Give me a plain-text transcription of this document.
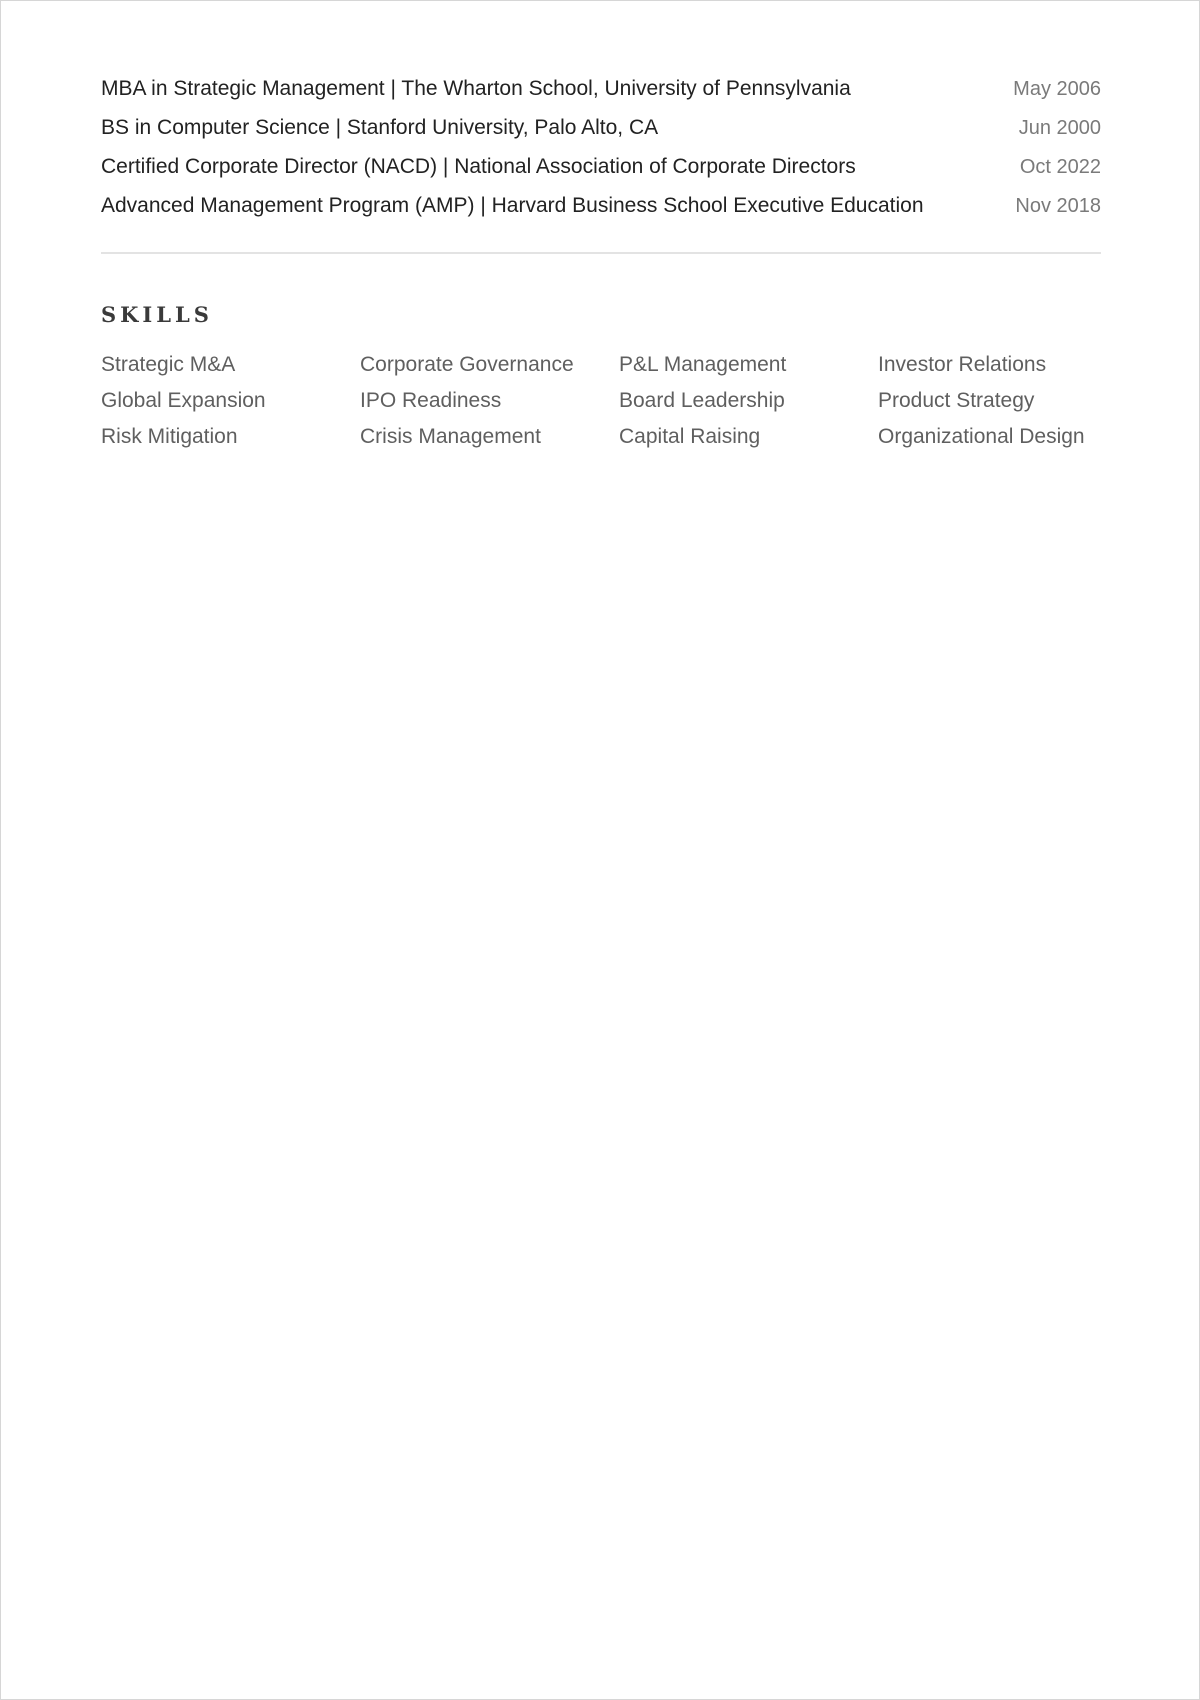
MBA in Strategic Management | The Wharton School, University of Pennsylvania	May 2006
BS in Computer Science | Stanford University, Palo Alto, CA	Jun 2000
Certified Corporate Director (NACD) | National Association of Corporate Directors	Oct 2022
Advanced Management Program (AMP) | Harvard Business School Executive Education	Nov 2018
SKILLS
Strategic M&A	Corporate Governance	P&L Management	Investor Relations
Global Expansion	IPO Readiness	Board Leadership	Product Strategy
Risk Mitigation	Crisis Management	Capital Raising	Organizational Design
